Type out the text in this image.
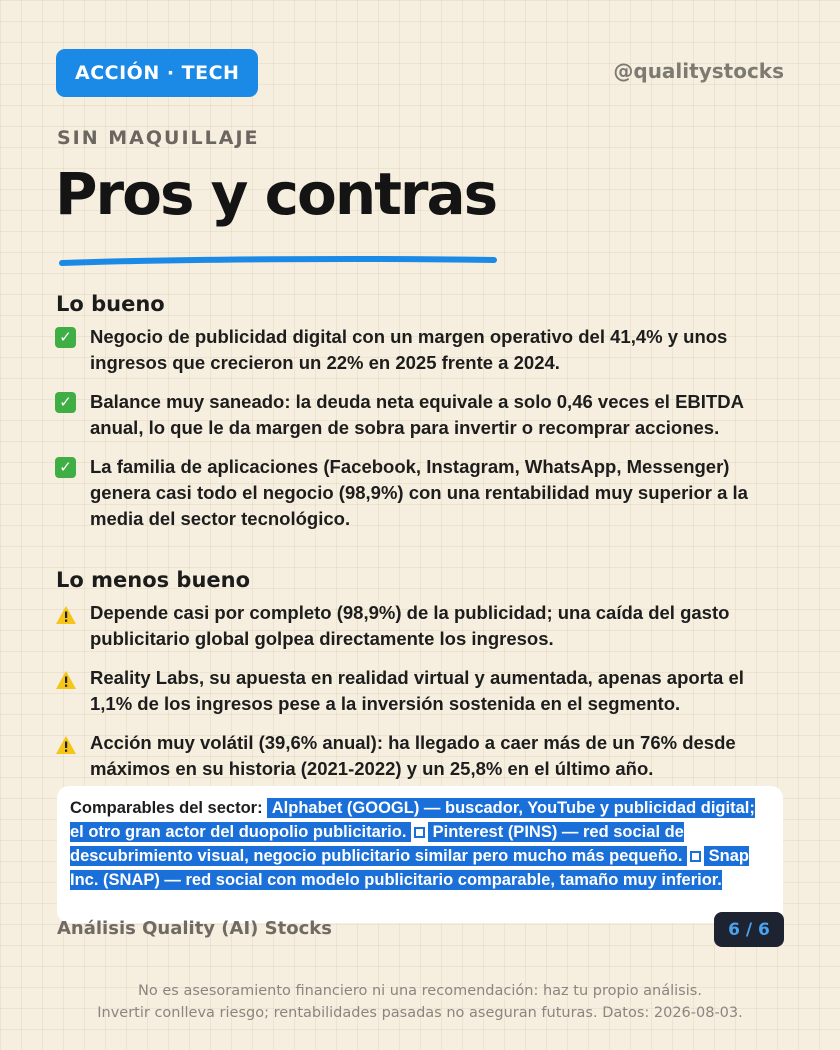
ACCIÓN · TECH	@qualitystocks
SIN MAQUILLAJE
Pros y contras
Lo bueno
✓ Negocio de publicidad digital con un margen operativo del 41,4% y unos ingresos que crecieron un 22% en 2025 frente a 2024.
✓ Balance muy saneado: la deuda neta equivale a solo 0,46 veces el EBITDA anual, lo que le da margen de sobra para invertir o recomprar acciones.
✓ La familia de aplicaciones (Facebook, Instagram, WhatsApp, Messenger) genera casi todo el negocio (98,9%) con una rentabilidad muy superior a la media del sector tecnológico.
Lo menos bueno
Depende casi por completo (98,9%) de la publicidad; una caída del gasto publicitario global golpea directamente los ingresos.
Reality Labs, su apuesta en realidad virtual y aumentada, apenas aporta el 1,1% de los ingresos pese a la inversión sostenida en el segmento.
Acción muy volátil (39,6% anual): ha llegado a caer más de un 76% desde máximos en su historia (2021-2022) y un 25,8% en el último año.
Comparables del sector: Alphabet (GOOGL) — buscador, YouTube y publicidad digital; el otro gran actor del duopolio publicitario. Pinterest (PINS) — red social de descubrimiento visual, negocio publicitario similar pero mucho más pequeño. Snap Inc. (SNAP) — red social con modelo publicitario comparable, tamaño muy inferior.
Análisis Quality (AI) Stocks	6 / 6
No es asesoramiento financiero ni una recomendación: haz tu propio análisis.
Invertir conlleva riesgo; rentabilidades pasadas no aseguran futuras. Datos: 2026-08-03.
